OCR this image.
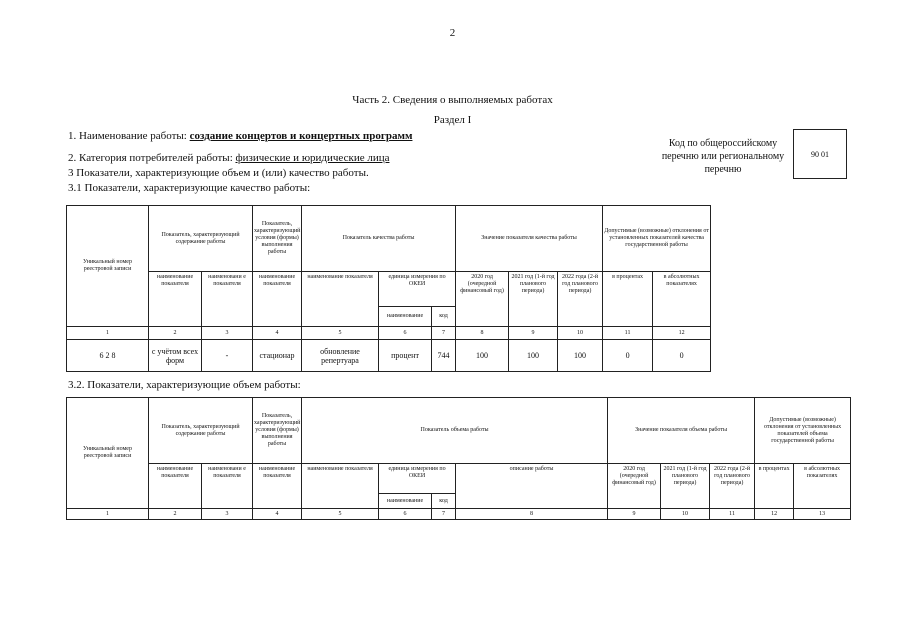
2
Часть 2. Сведения о выполняемых работах
Раздел I
1. Наименование работы: создание концертов и концертных программ
2. Категория потребителей работы: физические и юридические лица
3 Показатели, характеризующие объем и (или) качество работы.
3.1 Показатели, характеризующие качество работы:
Код по общероссийскому
перечню или региональному
перечню
90 01
Уникальный номер реестровой записи	Показатель, характеризующий содержание работы		Показатель, характеризующий условия (формы) выполнения работы	Показатель качества работы			Значение показателя качества работы			Допустимые (возможные) отклонения от установленных показателей качества государственной работы	
	наименование показателя	наименовани е показателя	наименование показателя	наименование показателя	единица измерения по ОКЕИ		2020 год (очередной финансовый год)	2021 год (1-й год планового периода)	2022 года (2-й год планового периода)	в процентах	в абсолютных показателях
					наименование	код					
1	2	3	4	5	6	7	8	9	10	11	12
6 2 8	с учётом всех форм	-	стационар	обновление репертуара	процент	744	100	100	100	0	0
3.2. Показатели, характеризующие объем работы:
Уникальный номер реестровой записи	Показатель, характеризующий содержание работы		Показатель, характеризующий условия (формы) выполнения работы	Показатель объема работы				Значение показателя объема работы			Допустимые (возможные) отклонения от установленных показателей объема государственной работы	
	наименование показателя	наименовани е показателя	наименование показателя	наименование показателя	единица измерения по ОКЕИ		описание работы	2020 год (очередной финансовый год)	2021 год (1-й год планового периода)	2022 года (2-й год планового периода)	в процентах	в абсолютных показателях
					наименование	код						
1	2	3	4	5	6	7	8	9	10	11	12	13
